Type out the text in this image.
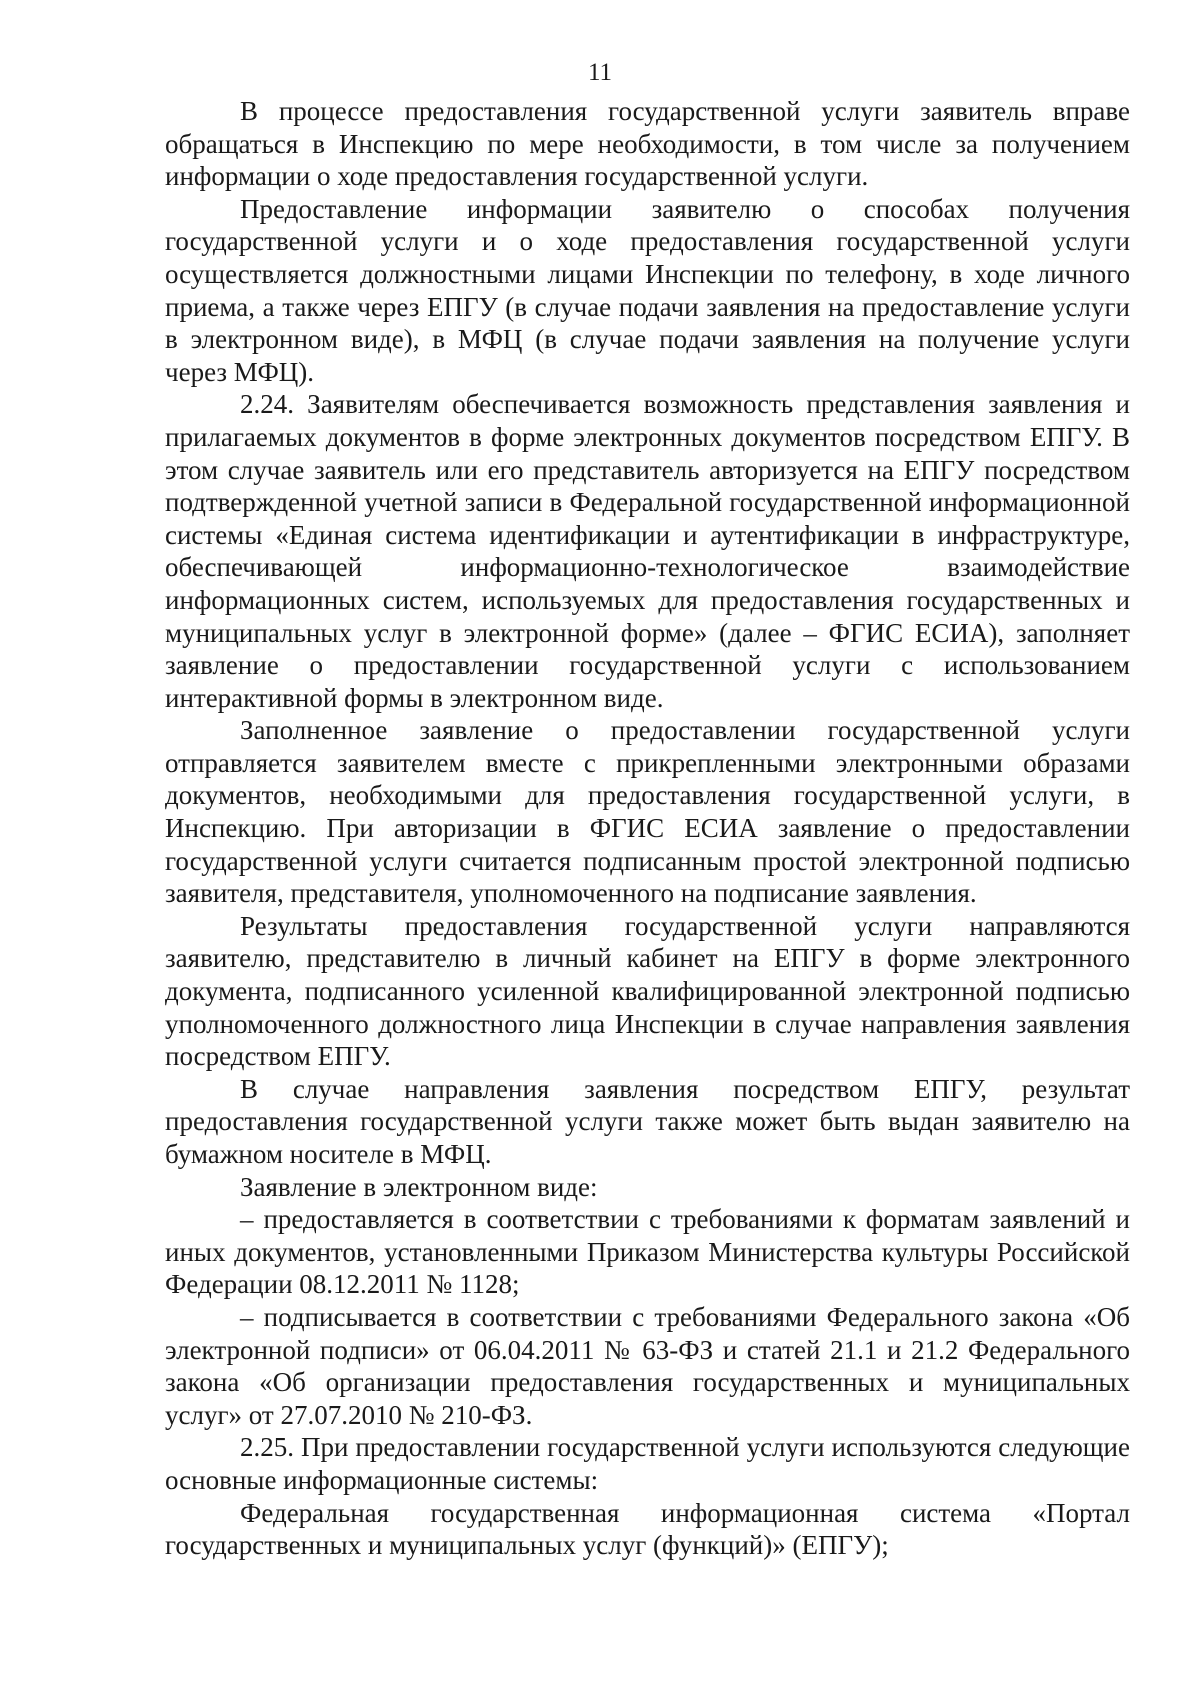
11

В процессе предоставления государственной услуги заявитель вправе обращаться в Инспекцию по мере необходимости, в том числе за получением информации о ходе предоставления государственной услуги.

Предоставление информации заявителю о способах получения государственной услуги и о ходе предоставления государственной услуги осуществляется должностными лицами Инспекции по телефону, в ходе личного приема, а также через ЕПГУ (в случае подачи заявления на предоставление услуги в электронном виде), в МФЦ (в случае подачи заявления на получение услуги через МФЦ).

2.24. Заявителям обеспечивается возможность представления заявления и прилагаемых документов в форме электронных документов посредством ЕПГУ. В этом случае заявитель или его представитель авторизуется на ЕПГУ посредством подтвержденной учетной записи в Федеральной государственной информационной системы «Единая система идентификации и аутентификации в инфраструктуре, обеспечивающей информационно-технологическое взаимодействие информационных систем, используемых для предоставления государственных и муниципальных услуг в электронной форме» (далее – ФГИС ЕСИА), заполняет заявление о предоставлении государственной услуги с использованием интерактивной формы в электронном виде.

Заполненное заявление о предоставлении государственной услуги отправляется заявителем вместе с прикрепленными электронными образами документов, необходимыми для предоставления государственной услуги, в Инспекцию. При авторизации в ФГИС ЕСИА заявление о предоставлении государственной услуги считается подписанным простой электронной подписью заявителя, представителя, уполномоченного на подписание заявления.

Результаты предоставления государственной услуги направляются заявителю, представителю в личный кабинет на ЕПГУ в форме электронного документа, подписанного усиленной квалифицированной электронной подписью уполномоченного должностного лица Инспекции в случае направления заявления посредством ЕПГУ.

В случае направления заявления посредством ЕПГУ, результат предоставления государственной услуги также может быть выдан заявителю на бумажном носителе в МФЦ.

Заявление в электронном виде:

– предоставляется в соответствии с требованиями к форматам заявлений и иных документов, установленными Приказом Министерства культуры Российской Федерации 08.12.2011 № 1128;

– подписывается в соответствии с требованиями Федерального закона «Об электронной подписи» от 06.04.2011 № 63-ФЗ и статей 21.1 и 21.2 Федерального закона «Об организации предоставления государственных и муниципальных услуг» от 27.07.2010 № 210-ФЗ.

2.25. При предоставлении государственной услуги используются следующие основные информационные системы:

Федеральная государственная информационная система «Портал государственных и муниципальных услуг (функций)» (ЕПГУ);
